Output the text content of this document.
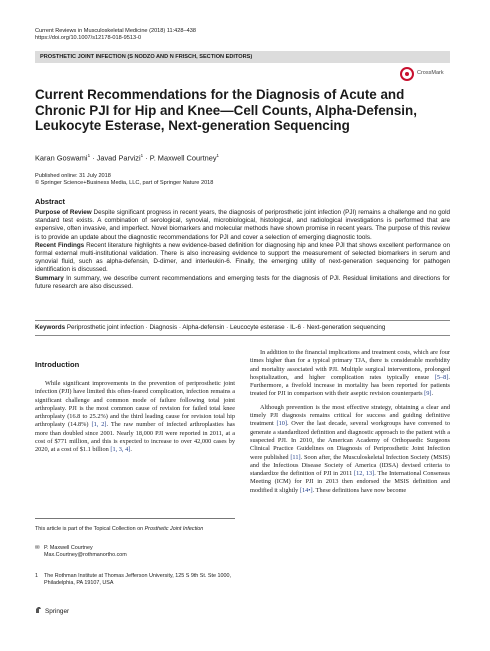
Current Reviews in Musculoskeletal Medicine (2018) 11:428–438
https://doi.org/10.1007/s12178-018-9513-0
PROSTHETIC JOINT INFECTION (S NODZO AND N FRISCH, SECTION EDITORS)
CrossMark
Current Recommendations for the Diagnosis of Acute and Chronic PJI for Hip and Knee—Cell Counts, Alpha-Defensin, Leukocyte Esterase, Next-generation Sequencing
Karan Goswami$^1$ · Javad Parvizi$^1$ · P. Maxwell Courtney$^1$
Published online: 31 July 2018
© Springer Science+Business Media, LLC, part of Springer Nature 2018
Abstract

Purpose of Review Despite significant progress in recent years, the diagnosis of periprosthetic joint infection (PJI) remains a challenge and no gold standard test exists. A combination of serological, synovial, microbiological, histological, and radiological investigations is performed that are expensive, often invasive, and imperfect. Novel biomarkers and molecular methods have shown promise in recent years. The purpose of this review is to provide an update about the diagnostic recommendations for PJI and cover a selection of emerging diagnostic tools.

Recent Findings Recent literature highlights a new evidence-based definition for diagnosing hip and knee PJI that shows excellent performance on formal external multi-institutional validation. There is also increasing evidence to support the measurement of selected biomarkers in serum and synovial fluid, such as alpha-defensin, D-dimer, and interleukin-6. Finally, the emerging utility of next-generation sequencing for pathogen identification is discussed.

Summary In summary, we describe current recommendations and emerging tests for the diagnosis of PJI. Residual limitations and directions for future research are also discussed.

Keywords Periprosthetic joint infection · Diagnosis · Alpha-defensin · Leucocyte esterase · IL-6 · Next-generation sequencing
Introduction

While significant improvements in the prevention of periprosthetic joint infection (PJI) have limited this often-feared complication, infection remains a significant challenge and common mode of failure following total joint arthroplasty. PJI is the most common cause of revision for failed total knee arthroplasty (16.8 to 25.2%) and the third leading cause for revision total hip arthroplasty (14.8%) [1, 2]. The raw number of infected arthroplasties has more than doubled since 2001. Nearly 18,000 PJI were reported in 2011, at a cost of $771 million, and this is expected to increase to over 42,000 cases by 2020, at a cost of $1.1 billion [1, 3, 4].

In addition to the financial implications and treatment costs, which are four times higher than for a typical primary TJA, there is considerable morbidity and mortality associated with PJI. Multiple surgical interventions, prolonged hospitalization, and higher complication rates typically ensue [5–8]. Furthermore, a fivefold increase in mortality has been reported for patients treated for PJI in comparison with their aseptic revision counterparts [9].

Although prevention is the most effective strategy, obtaining a clear and timely PJI diagnosis remains critical for success and guiding definitive treatment [10]. Over the last decade, several workgroups have convened to generate a standardized definition and diagnostic approach to the patient with a suspected PJI. In 2010, the American Academy of Orthopaedic Surgeons Clinical Practice Guidelines on Diagnosis of Periprosthetic Joint Infection were published [11]. Soon after, the Musculoskeletal Infection Society (MSIS) and the Infectious Disease Society of America (IDSA) devised criteria to standardize the definition of PJI in 2011 [12, 13]. The International Consensus Meeting (ICM) for PJI in 2013 then endorsed the MSIS definition and modified it slightly [14•]. These definitions have now become

This article is part of the Topical Collection on Prosthetic Joint Infection
✉ P. Maxwell Courtney
Max.Courtney@rothmanortho.com
1 The Rothman Institute at Thomas Jefferson University, 125 S 9th St. Ste 1000, Philadelphia, PA 19107, USA
Springer
